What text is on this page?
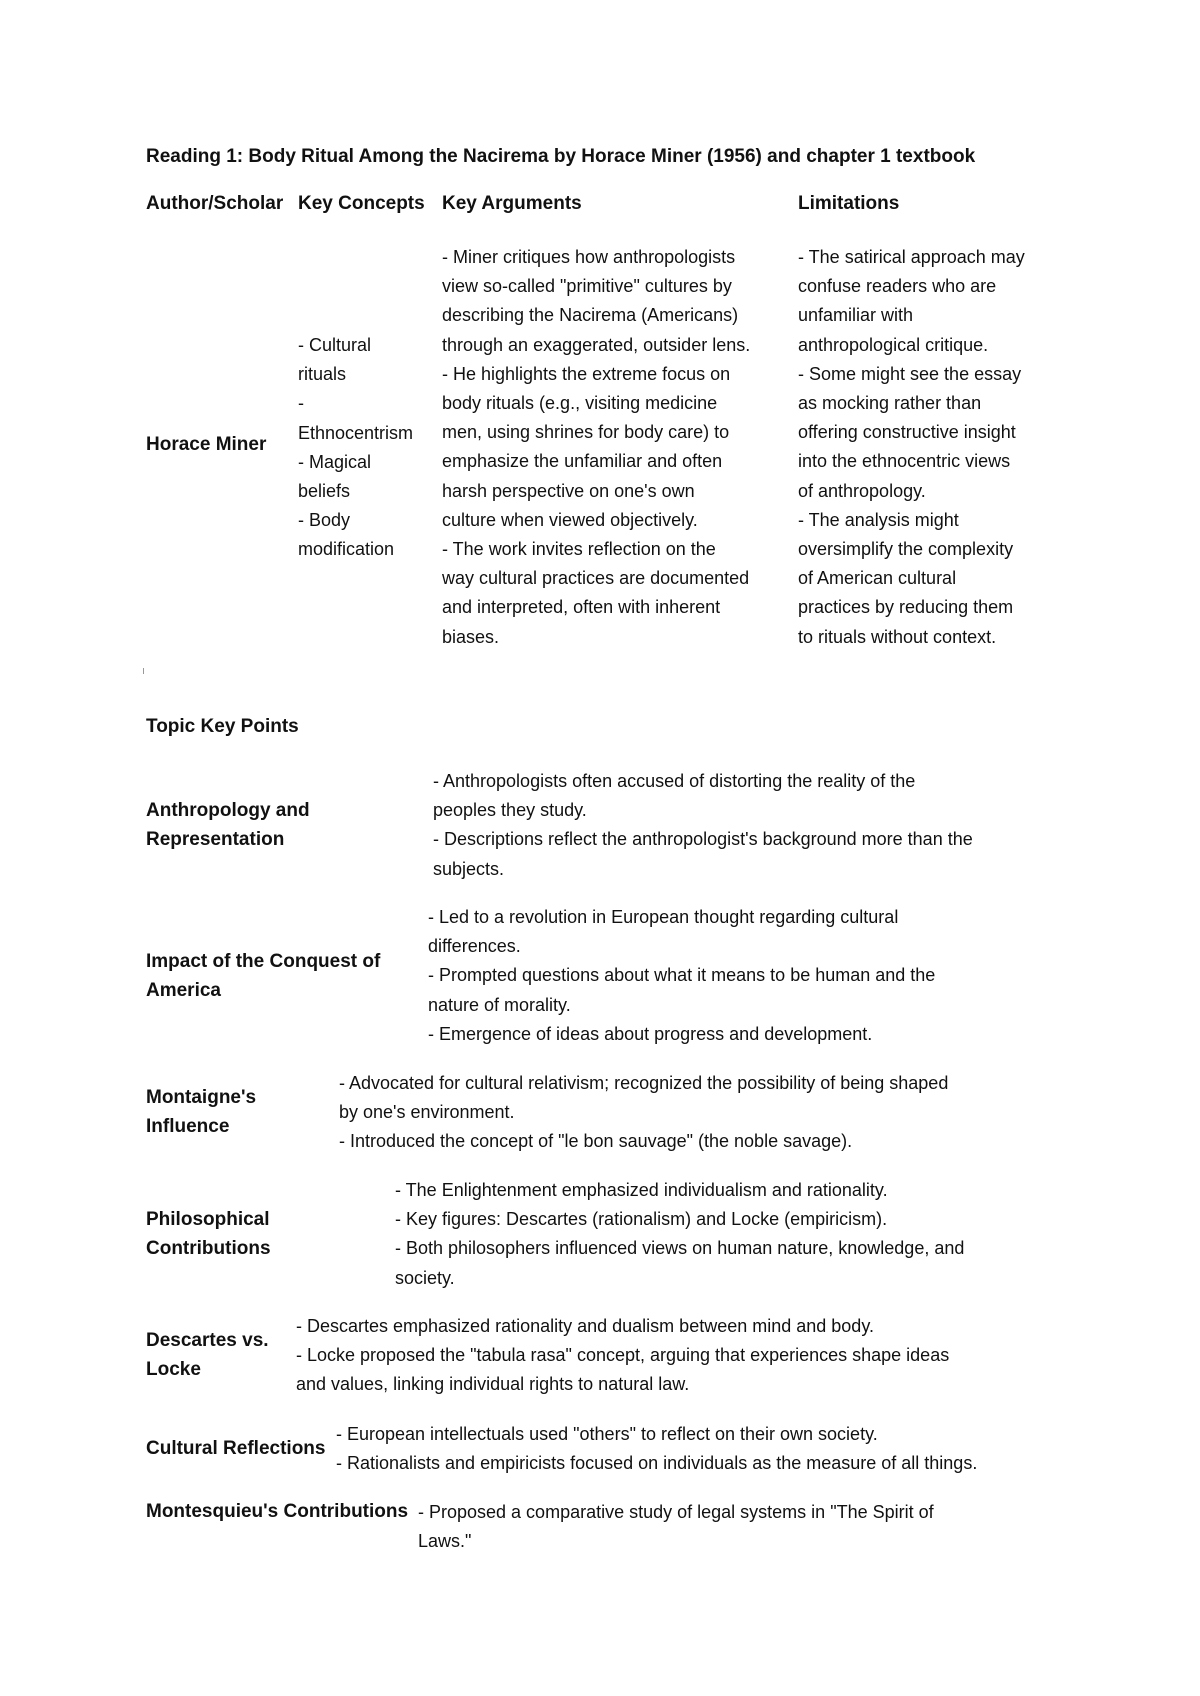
Reading 1: Body Ritual Among the Nacirema by Horace Miner (1956) and chapter 1 textbook
Author/Scholar Key Concepts Key Arguments	Limitations
Horace Miner
- Cultural
rituals
-
Ethnocentrism
- Magical
beliefs
- Body
modification
- Miner critiques how anthropologists
view so-called "primitive" cultures by
describing the Nacirema (Americans)
through an exaggerated, outsider lens.
- He highlights the extreme focus on
body rituals (e.g., visiting medicine
men, using shrines for body care) to
emphasize the unfamiliar and often
harsh perspective on one's own
culture when viewed objectively.
- The work invites reflection on the
way cultural practices are documented
and interpreted, often with inherent
biases.
- The satirical approach may
confuse readers who are
unfamiliar with
anthropological critique.
- Some might see the essay
as mocking rather than
offering constructive insight
into the ethnocentric views
of anthropology.
- The analysis might
oversimplify the complexity
of American cultural
practices by reducing them
to rituals without context.
Topic Key Points
Anthropology and
Representation
- Anthropologists often accused of distorting the reality of the
peoples they study.
- Descriptions reflect the anthropologist's background more than the
subjects.
Impact of the Conquest of
America
- Led to a revolution in European thought regarding cultural
differences.
- Prompted questions about what it means to be human and the
nature of morality.
- Emergence of ideas about progress and development.
Montaigne's
Influence
- Advocated for cultural relativism; recognized the possibility of being shaped
by one's environment.
- Introduced the concept of "le bon sauvage" (the noble savage).
Philosophical
Contributions
- The Enlightenment emphasized individualism and rationality.
- Key figures: Descartes (rationalism) and Locke (empiricism).
- Both philosophers influenced views on human nature, knowledge, and
society.
Descartes vs.
Locke
- Descartes emphasized rationality and dualism between mind and body.
- Locke proposed the "tabula rasa" concept, arguing that experiences shape ideas
and values, linking individual rights to natural law.
Cultural Reflections
- European intellectuals used "others" to reflect on their own society.
- Rationalists and empiricists focused on individuals as the measure of all things.
Montesquieu's Contributions - Proposed a comparative study of legal systems in "The Spirit of
Laws."
